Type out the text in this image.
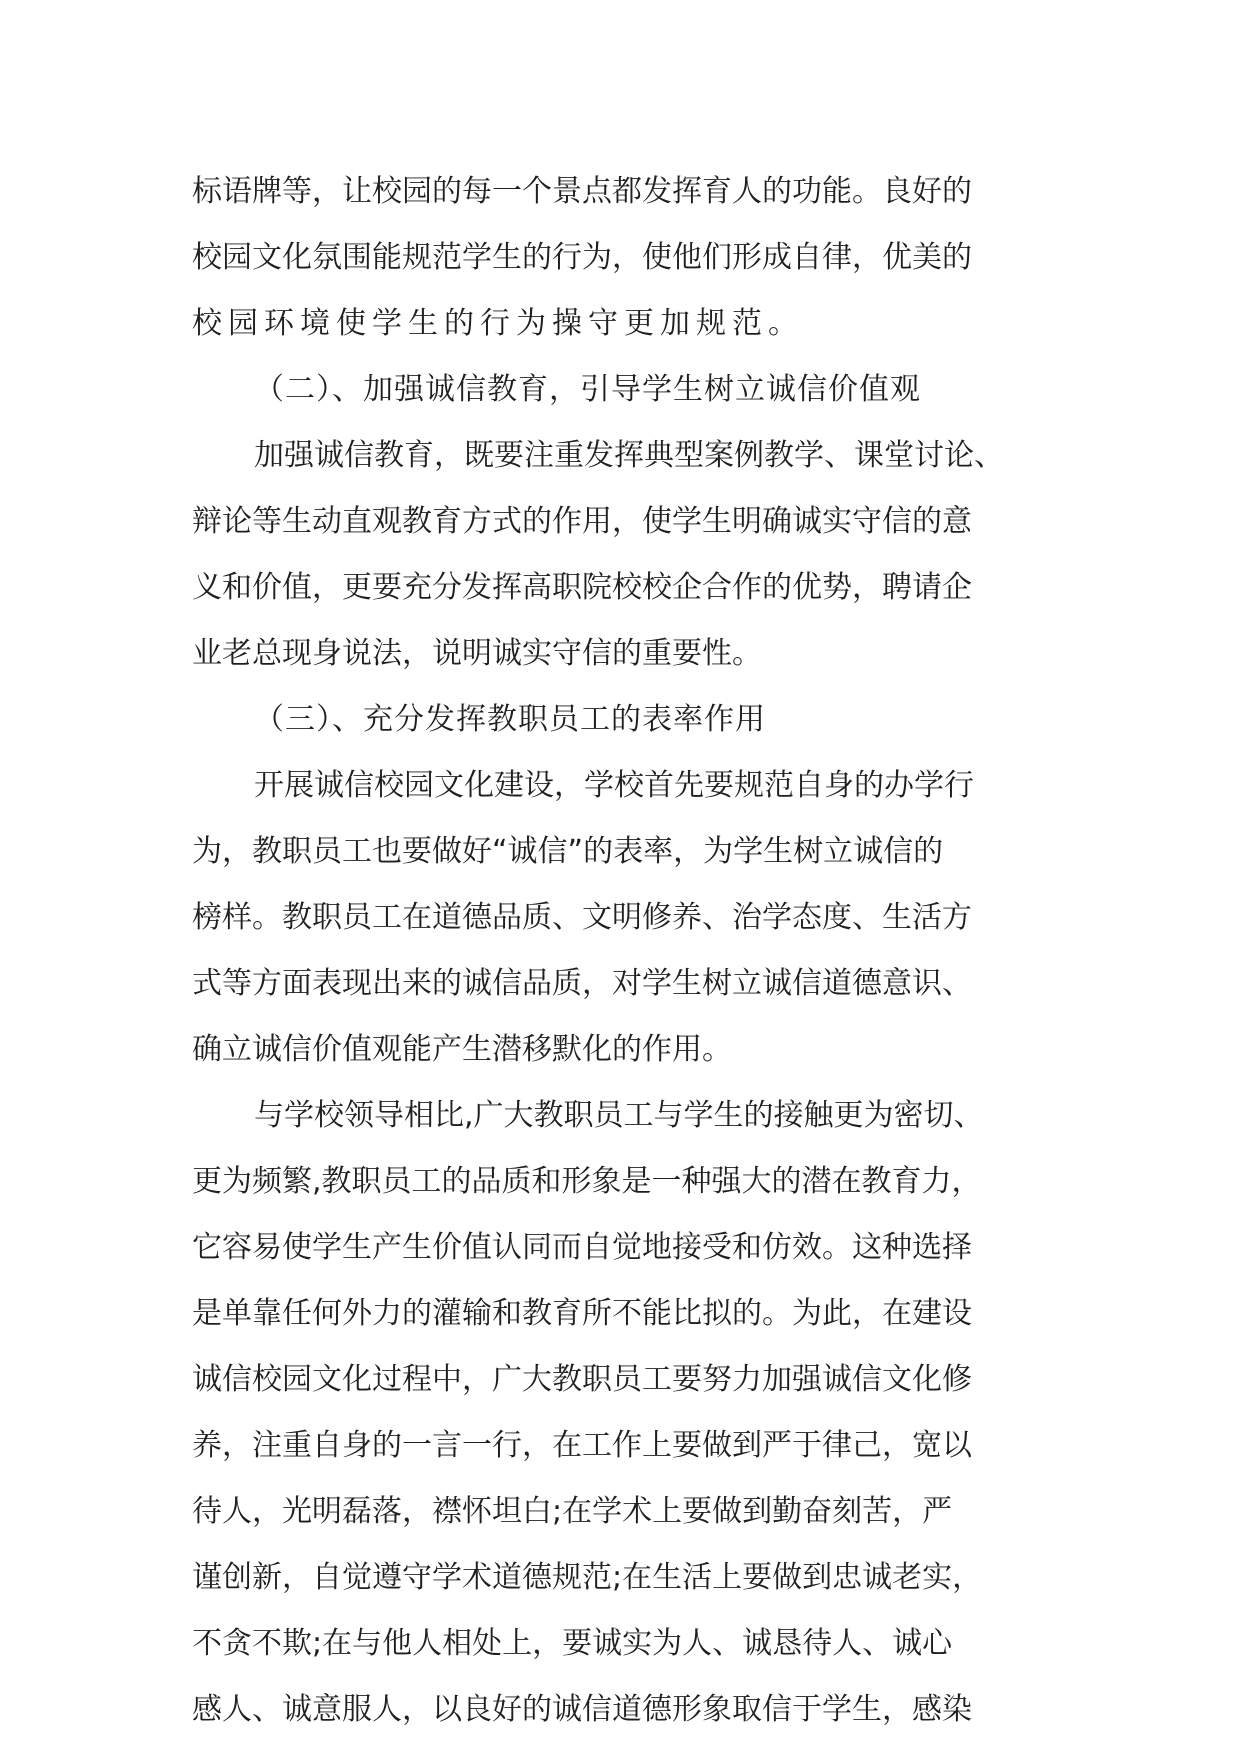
标语牌等，让校园的每一个景点都发挥育人的功能。良好的
校园文化氛围能规范学生的行为，使他们形成自律，优美的
校园环境使学生的行为操守更加规范。
（二）、加强诚信教育，引导学生树立诚信价值观
加强诚信教育，既要注重发挥典型案例教学、课堂讨论、
辩论等生动直观教育方式的作用，使学生明确诚实守信的意
义和价值，更要充分发挥高职院校校企合作的优势，聘请企
业老总现身说法，说明诚实守信的重要性。
（三）、充分发挥教职员工的表率作用
开展诚信校园文化建设，学校首先要规范自身的办学行
为，教职员工也要做好“诚信”的表率，为学生树立诚信的
榜样。教职员工在道德品质、文明修养、治学态度、生活方
式等方面表现出来的诚信品质，对学生树立诚信道德意识、
确立诚信价值观能产生潜移默化的作用。
与学校领导相比,广大教职员工与学生的接触更为密切、
更为频繁,教职员工的品质和形象是一种强大的潜在教育力，
它容易使学生产生价值认同而自觉地接受和仿效。这种选择
是单靠任何外力的灌输和教育所不能比拟的。为此，在建设
诚信校园文化过程中，广大教职员工要努力加强诚信文化修
养，注重自身的一言一行，在工作上要做到严于律己，宽以
待人，光明磊落，襟怀坦白;在学术上要做到勤奋刻苦，严
谨创新，自觉遵守学术道德规范;在生活上要做到忠诚老实，
不贪不欺;在与他人相处上，要诚实为人、诚恳待人、诚心
感人、诚意服人，以良好的诚信道德形象取信于学生，感染
